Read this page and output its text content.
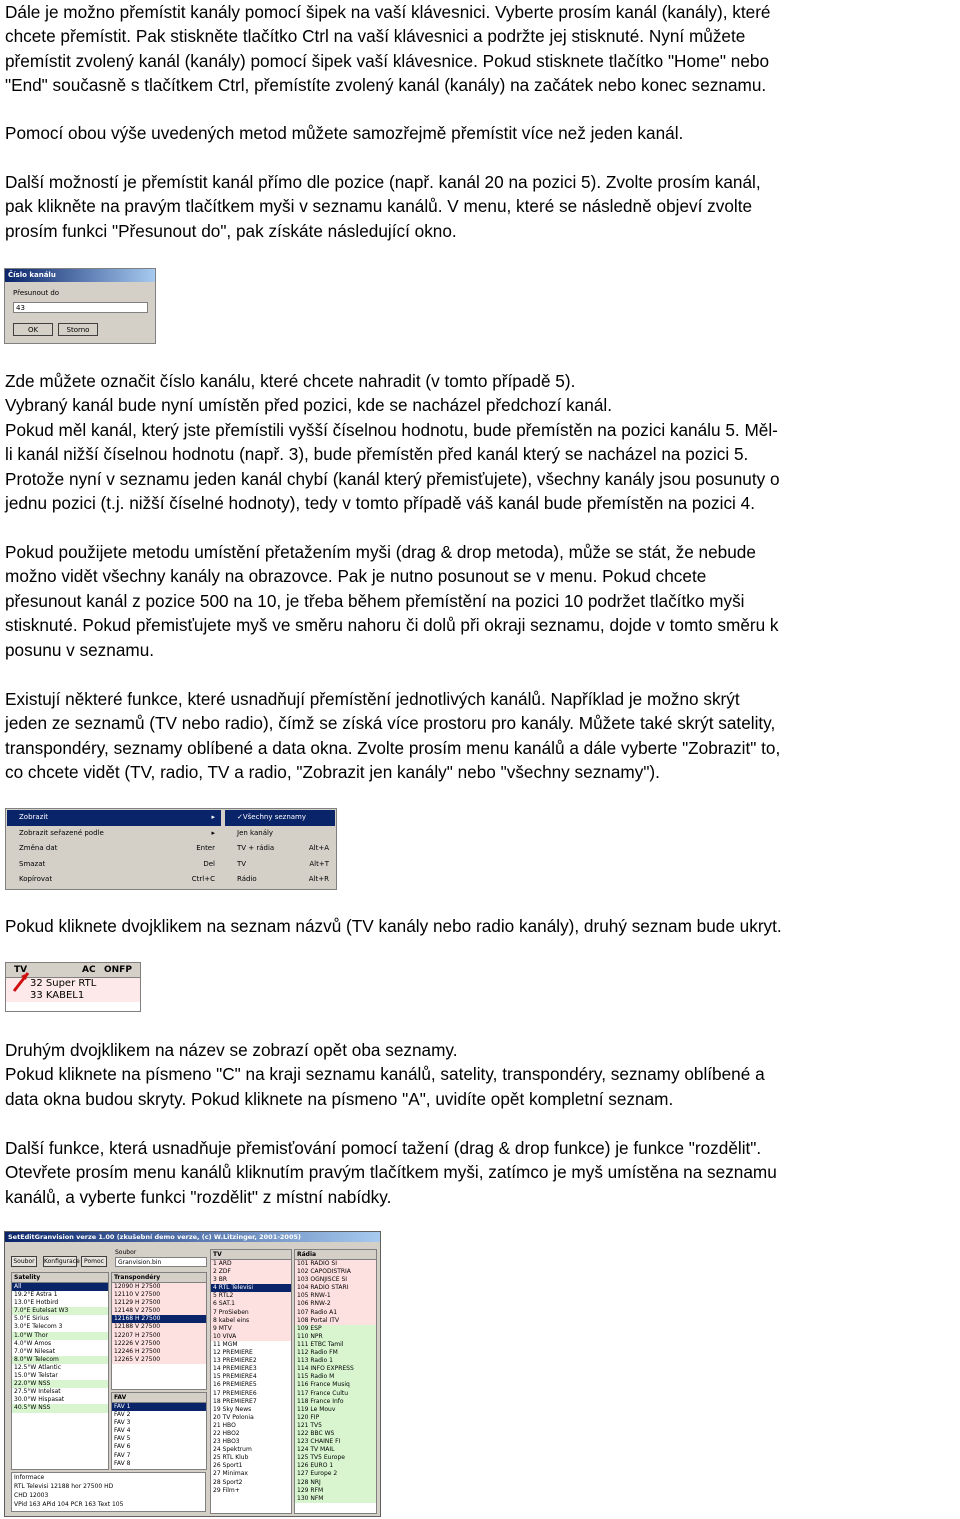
Dále je možno přemístit kanály pomocí šipek na vaší klávesnici. Vyberte prosím kanál (kanály), které
chcete přemístit. Pak stiskněte tlačítko Ctrl na vaší klávesnici a podržte jej stisknuté. Nyní můžete
přemístit zvolený kanál (kanály) pomocí šipek vaší klávesnice. Pokud stisknete tlačítko "Home" nebo
"End" současně s tlačítkem Ctrl, přemístíte zvolený kanál (kanály) na začátek nebo konec seznamu.
Pomocí obou výše uvedených metod můžete samozřejmě přemístit více než jeden kanál.
Další možností je přemístit kanál přímo dle pozice (např. kanál 20 na pozici 5). Zvolte prosím kanál,
pak klikněte na pravým tlačítkem myši v seznamu kanálů. V menu, které se následně objeví zvolte
prosím funkci "Přesunout do", pak získáte následující okno.
Číslo kanálu
Přesunout do
43
OK	Storno
Zde můžete označit číslo kanálu, které chcete nahradit (v tomto případě 5).
Vybraný kanál bude nyní umístěn před pozici, kde se nacházel předchozí kanál.
Pokud měl kanál, který jste přemístili vyšší číselnou hodnotu, bude přemístěn na pozici kanálu 5. Měl-
li kanál nižší číselnou hodnotu (např. 3), bude přemístěn před kanál který se nacházel na pozici 5.
Protože nyní v seznamu jeden kanál chybí (kanál který přemisťujete), všechny kanály jsou posunuty o
jednu pozici (t.j. nižší číselné hodnoty), tedy v tomto případě váš kanál bude přemístěn na pozici 4.
Pokud použijete metodu umístění přetažením myši (drag & drop metoda), může se stát, že nebude
možno vidět všechny kanály na obrazovce. Pak je nutno posunout se v menu. Pokud chcete
přesunout kanál z pozice 500 na 10, je třeba během přemístění na pozici 10 podržet tlačítko myši
stisknuté. Pokud přemisťujete myš ve směru nahoru či dolů při okraji seznamu, dojde v tomto směru k
posunu v seznamu.
Existují některé funkce, které usnadňují přemístění jednotlivých kanálů. Například je možno skrýt
jeden ze seznamů (TV nebo radio), čímž se získá více prostoru pro kanály. Můžete také skrýt satelity,
transpondéry, seznamy oblíbené a data okna. Zvolte prosím menu kanálů a dále vyberte "Zobrazit" to,
co chcete vidět (TV, radio, TV a radio, "Zobrazit jen kanály" nebo "všechny seznamy").
Zobrazit	▸
Zobrazit seřazené podle	▸
Změna dat	Enter
Smazat	Del
Kopírovat	Ctrl+C
✓Všechny seznamy
Jen kanály
TV + rádia	Alt+A
TV	Alt+T
Rádio	Alt+R
Pokud kliknete dvojklikem na seznam názvů (TV kanály nebo radio kanály), druhý seznam bude ukryt.
TV	AC ONFP
32 Super RTL
33 KABEL1
Druhým dvojklikem na název se zobrazí opět oba seznamy.
Pokud kliknete na písmeno "C" na kraji seznamu kanálů, satelity, transpondéry, seznamy oblíbené a
data okna budou skryty. Pokud kliknete na písmeno "A", uvidíte opět kompletní seznam.
Další funkce, která usnadňuje přemisťování pomocí tažení (drag & drop funkce) je funkce "rozdělit".
Otevřete prosím menu kanálů kliknutím pravým tlačítkem myši, zatímco je myš umístěna na seznamu
kanálů, a vyberte funkci "rozdělit" z místní nabídky.
SetEditGranvision verze 1.00 (zkušební demo verze, (c) W.Litzinger, 2001-2005)
Soubor	Konfigurace Pomoc
Soubor
Granvision.bin
Satelity
All
19.2°E Astra 1
13.0°E Hotbird
7.0°E Eutelsat W3
5.0°E Sirius
3.0°E Telecom 3
1.0°W Thor
4.0°W Amos
7.0°W Nilesat
8.0°W Telecom
12.5°W Atlantic
15.0°W Telstar
22.0°W NSS
27.5°W Intelsat
30.0°W Hispasat
40.5°W NSS
Transpondéry
12090 H 27500
12110 V 27500
12129 H 27500
12148 V 27500
12168 H 27500
12188 V 27500
12207 H 27500
12226 V 27500
12246 H 27500
12265 V 27500
FAV
FAV 1
FAV 2
FAV 3
FAV 4
FAV 5
FAV 6
FAV 7
FAV 8
TV
1 ARD
2 ZDF
3 BR
4 RTL Televisi
5 RTL2
6 SAT.1
7 ProSieben
8 kabel eins
9 MTV
10 VIVA
11 MGM
12 PREMIERE
13 PREMIERE2
14 PREMIERE3
15 PREMIERE4
16 PREMIERE5
17 PREMIERE6
18 PREMIERE7
19 Sky News
20 TV Polonia
21 HBO
22 HBO2
23 HBO3
24 Spektrum
25 RTL Klub
26 Sport1
27 Minimax
28 Sport2
29 Film+
Rádia
101 RADIO SI
102 CAPODISTRIA
103 OGNJISCE SI
104 RADIO STARI
105 RNW-1
106 RNW-2
107 Radio A1
108 Portal ITV
109 ESP
110 NPR
111 ETBC Tamil
112 Radio FM
113 Radio 1
114 INFO EXPRESS
115 Radio M
116 France Musiq
117 France Cultu
118 France Info
119 Le Mouv
120 FIP
121 TV5
122 BBC WS
123 CHAINE FI
124 TV MAIL
125 TV5 Europe
126 EURO 1
127 Europe 2
128 NRJ
129 RFM
130 NFM
Informace
RTL Televisi 12188 hor 27500 HD
CHD 12003
VPid 163 APid 104 PCR 163 Text 105
